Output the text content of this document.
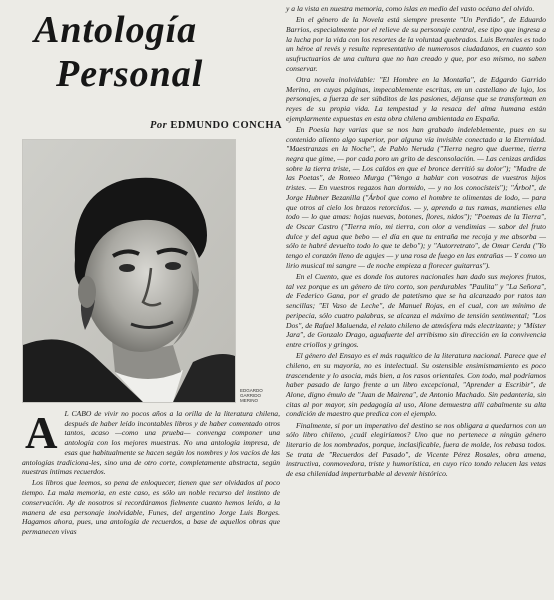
Antología
Personal

Por EDMUNDO CONCHA

EDGARDO GARRIDO MERINO

y a la vista en nuestra memoria, como islas en medio del vasto océano del olvido.

En el género de la Novela está siempre presente "Un Perdido", de Eduardo Barrios, especialmente por el relieve de su personaje central, ese tipo que ingresa a la lucha por la vida con los resortes de la voluntad quebrados. Luis Bernales es todo un héroe al revés y resulte representativo de numerosos ciudadanos, en cuanto son usufructuarios de una cultura que no han creado y que, por eso mismo, no saben conservar.

Otra novela inolvidable: "El Hombre en la Montaña", de Edgardo Garrido Merino, en cuyas páginas, impecablemente escritas, en un castellano de lujo, los personajes, a fuerza de ser súbditos de las pasiones, déjanse que se transforman en reyes de su propia vida. La tempestad y la resaca del alma humana están ejemplarmente expuestas en esta obra chilena ambientada en España.

En Poesía hay varias que se nos han grabado indeleblemente, pues en su contenido aliento algo superior, por alguna vía invisible conectado a la Eternidad. "Maestranzas en la Noche", de Pablo Neruda ("Tierra negro que duerme, tierra negra que gime, — por cada poro un grito de desconsolación. — Las cenizas ardidas sobre la tierra triste, — Los caldos en que el bronce derritió su dolor"); "Madre de las Poetas", de Romeo Murga ("Vengo a hablar con vosotras de vuestros hijos tristes. — En vuestros regazos han dormido, — y no los conocísteis"); "Árbol", de Jorge Hubner Bezanilla ("Árbol que como el hombre te olimentas de lodo, — para que otros al cielo los brazos retorcidos. — y, aprendo a tus ramas, mantienes ella todo — lo que amas: hojas nuevas, botones, flores, nidos"); "Poemas de la Tierra", de Oscar Castro ("Tierra mío, mi tierra, con olor a vendimias — sabor del fruto dulce y del agua que bebo — el día en que tu entraña me recoja y me absorba — sólo te habré devuelto todo lo que te debo"); y "Autorretrato", de Omar Cerda ("Yo tengo el corazón lleno de agujes — y una rosa de fuego en las entrañas — Y como un lirio musical mi sangre — de noche empieza a florecer guitarras").

En el Cuento, que es donde los autores nacionales han dado sus mejores frutos, tal vez porque es un género de tiro corto, son perdurables "Paulita" y "La Señora", de Federico Gana, por el grado de patetismo que se ha alcanzado por ratos tan sencillas; "El Vaso de Leche", de Manuel Rojas, en el cual, con un mínimo de peripecia, sólo cuatro palabras, se alcanza el máximo de tensión sentimental; "Los Dos", de Rafael Maluenda, el relato chileno de atmósfera más electrizante; y "Míster Jara", de Gonzalo Drago, aguafuerte del arribismo sin dirección en la convivencia entre criollos y gringos.

El género del Ensayo es el más raquítico de la literatura nacional. Parece que el chileno, en su mayoría, no es intelectual. Su ostensible ensimismamiento es poco trascendente y lo asocia, más bien, a los rasos orientales. Con todo, mal podríamos haber pasado de largo frente a un libro excepcional, "Aprender a Escribir", de Alone, digno émulo de "Juan de Mairena", de Antonio Machado. Sin pedantería, sin citas al por mayor, sin pedagogía al uso, Alone demuestra allí cabalmente su alta condición de maestro que predica con el ejemplo.

Finalmente, si por un imperativo del destino se nos obligara a quedarnos con un sólo libro chileno, ¿cuál elegiríamos? Uno que no pertenece a ningún género literario de los nombrados, porque, inclasificable, fuera de molde, los rebasa todos. Se trata de "Recuerdos del Pasado", de Vicente Pérez Rosales, obra amena, instructiva, conmovedora, triste y humorística, en cuyo rico tondo relucen las vetas de esa chilenidad imperturbable al devenir histórico.

A L CABO de vivir no pocos años a la orilla de la literatura chilena, después de haber leído incontables libros y de haber comentado otros tantos, acaso —como una prueba— convenga componer una antología con los mejores muestras. No una antología impresa, de esas que habitualmente se hacen según los nombres y los vacíos de las antologías tradiciona-les, sino una de otro corte, completamente abstracta, según nuestras íntimas recuerdos.

Los libros que leemos, so pena de enloquecer, tienen que ser olvidados al poco tiempo. La mala memoria, en este caso, es sólo un noble recurso del instinto de conservación. Ay de nosotros si recordáramos fielmente cuanto hemos leído, a la manera de esa personaje inolvidable, Funes, del argentino Jorge Luis Borges. Hagamos ahora, pues, una antología de recuerdos, a base de aquellos obras que permanecen vivas
